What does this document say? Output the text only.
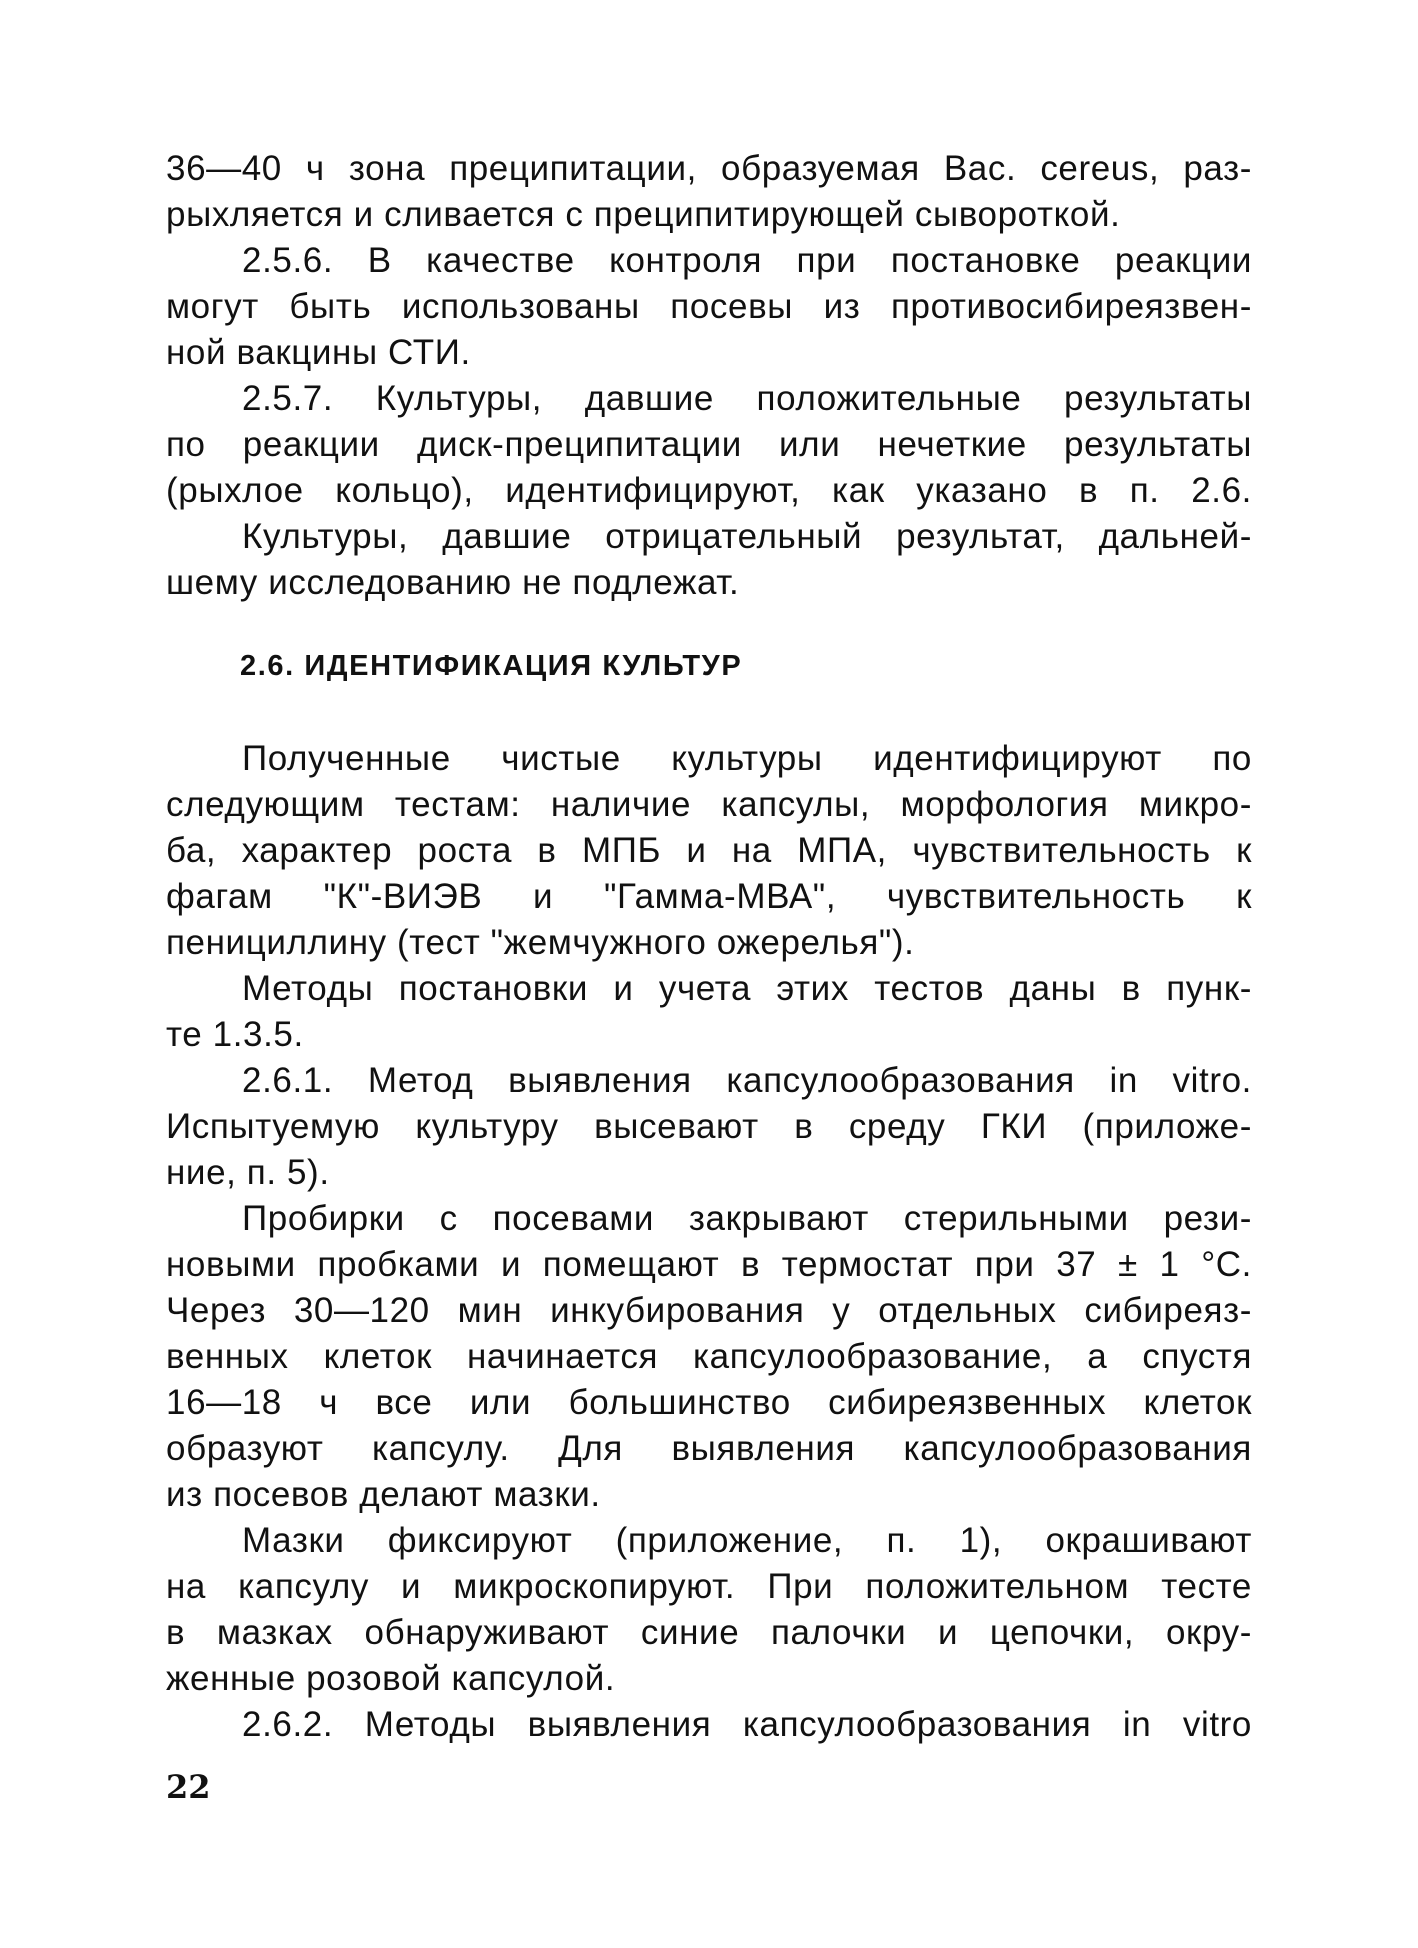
36—40 ч зона преципитации, образуемая Вас. cereus, раз-
рыхляется и сливается с преципитирующей сывороткой.
2.5.6. В качестве контроля при постановке реакции
могут быть использованы посевы из противосибиреязвен-
ной вакцины СТИ.
2.5.7. Культуры, давшие положительные результаты
по реакции диск-преципитации или нечеткие результаты
(рыхлое кольцо), идентифицируют, как указано в п. 2.6.
Культуры, давшие отрицательный результат, дальней-
шему исследованию не подлежат.
2.6. ИДЕНТИФИКАЦИЯ КУЛЬТУР
Полученные чистые культуры идентифицируют по
следующим тестам: наличие капсулы, морфология микро-
ба, характер роста в МПБ и на МПА, чувствительность к
фагам "К"-ВИЭВ и "Гамма-МВА", чувствительность к
пенициллину (тест "жемчужного ожерелья").
Методы постановки и учета этих тестов даны в пунк-
те 1.3.5.
2.6.1. Метод выявления капсулообразования in vitro.
Испытуемую культуру высевают в среду ГКИ (приложе-
ние, п. 5).
Пробирки с посевами закрывают стерильными рези-
новыми пробками и помещают в термостат при 37 ± 1 °С.
Через 30—120 мин инкубирования у отдельных сибиреяз-
венных клеток начинается капсулообразование, а спустя
16—18 ч все или большинство сибиреязвенных клеток
образуют капсулу. Для выявления капсулообразования
из посевов делают мазки.
Мазки фиксируют (приложение, п. 1), окрашивают
на капсулу и микроскопируют. При положительном тесте
в мазках обнаруживают синие палочки и цепочки, окру-
женные розовой капсулой.
2.6.2. Методы выявления капсулообразования in vitro
22
